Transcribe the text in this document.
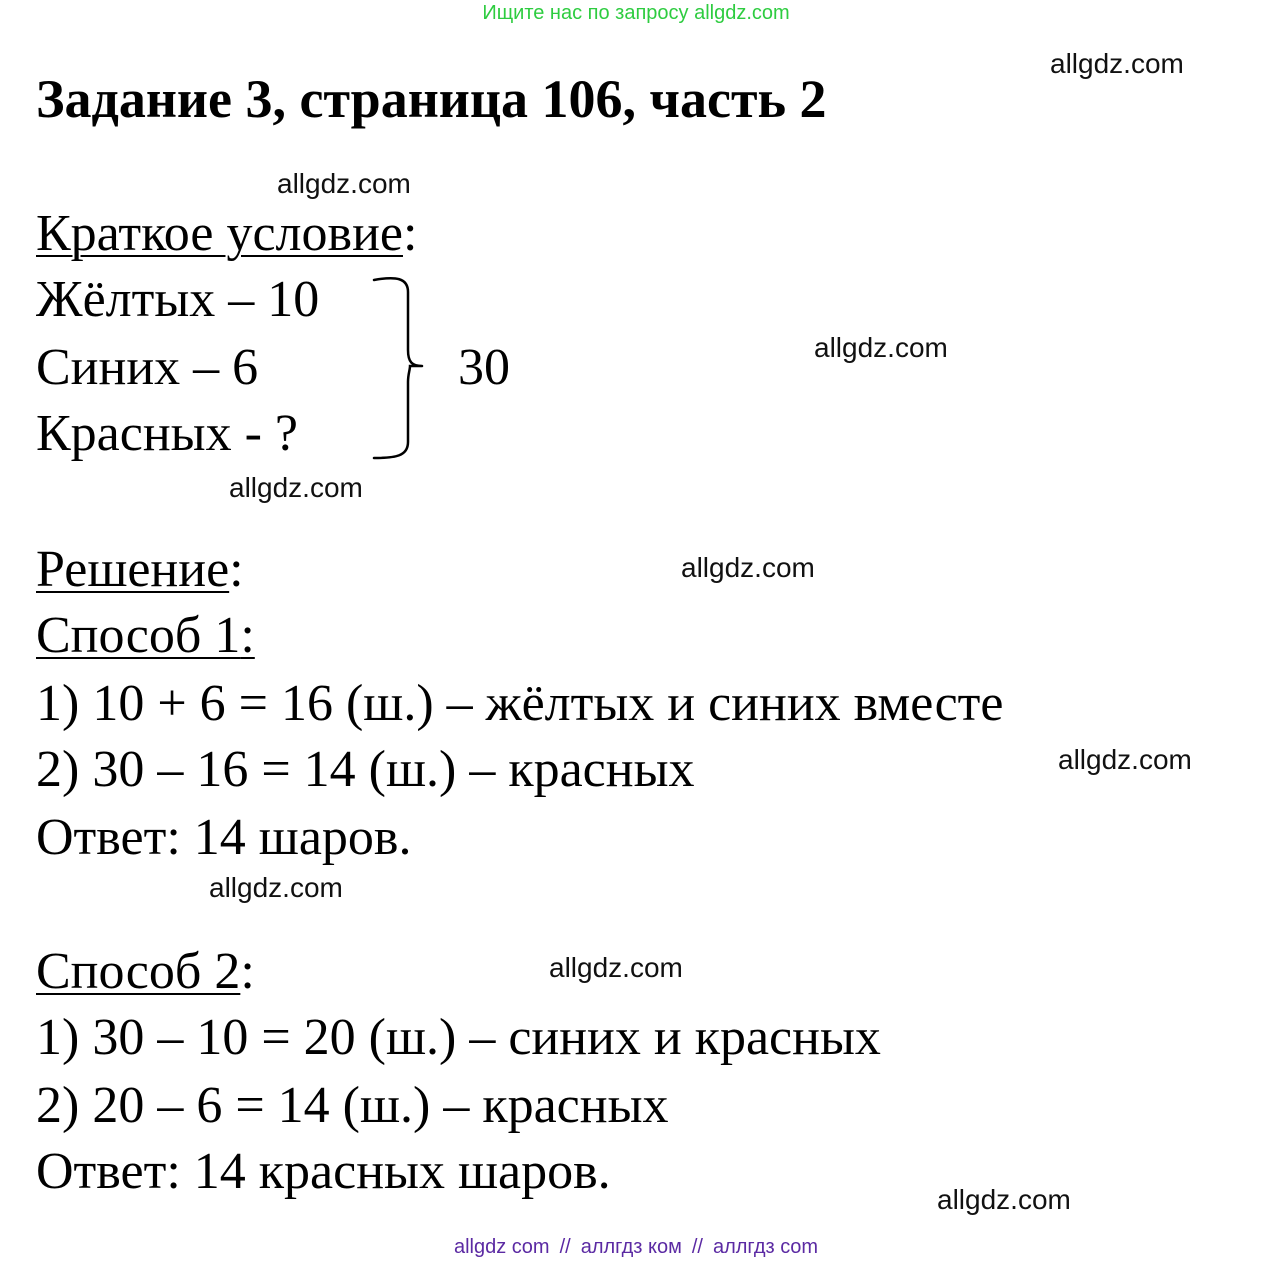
Ищите нас по запросу allgdz.com
Задание 3, страница 106, часть 2
allgdz.com
allgdz.com
allgdz.com
allgdz.com
allgdz.com
allgdz.com
allgdz.com
allgdz.com
allgdz.com
Краткое условие:
Жёлтых – 10
Синих – 6
Красных - ?
30
Решение:
Способ 1:
1) 10 + 6 = 16 (ш.) – жёлтых и синих вместе
2) 30 – 16 = 14 (ш.) – красных
Ответ: 14 шаров.
Способ 2:
1) 30 – 10 = 20 (ш.) – синих и красных
2) 20 – 6 = 14 (ш.) – красных
Ответ: 14 красных шаров.
allgdz com // аллгдз ком // аллгдз com
